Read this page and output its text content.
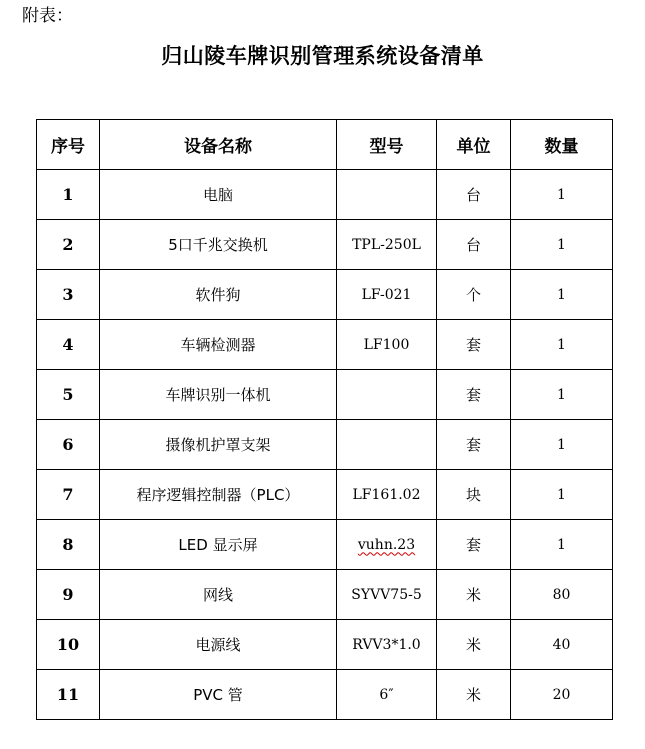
附表：
归山陵车牌识别管理系统设备清单
序号	设备名称	型号	单位	数量
1	电脑		台	1
2	5口千兆交换机	TPL-250L	台	1
3	软件狗	LF-021	个	1
4	车辆检测器	LF100	套	1
5	车牌识别一体机		套	1
6	摄像机护罩支架		套	1
7	程序逻辑控制器（PLC）	LF161.02	块	1
8	LED 显示屏	vuhn.23	套	1
9	网线	SYVV75-5	米	80
10	电源线	RVV3*1.0	米	40
11	PVC 管	6″	米	20
